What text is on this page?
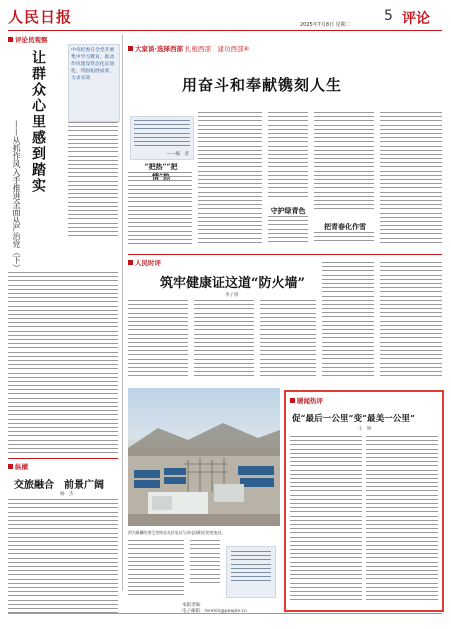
人民日报	2025年7月8日 星期二
5 评论
评论员观察
中央纪委在全党开展集中学习教育，推动作风建设常态化长效化，巩固拓展成果，力求实效
让群众心里感到踏实
——从抓作风入手推进全面从严治党（下）
纵横
交旅融合　前景广阔
杨　杰
大家谈·选择西部 扎根西部　建功西部⑥
用奋斗和奉献镌刻人生
——编　者
“把热”“把
守护绿青色
把青春化作雪
人民时评
筑牢健康证这道“防火墙”
李子扬
图为新疆哈密巴里坤县光伏电站与风电场附近的变电站。
暖闻热评
促“最后一公里”变“最美一公里”
王　婷
本版责编：
电子邮箱：renmin@people.cn
